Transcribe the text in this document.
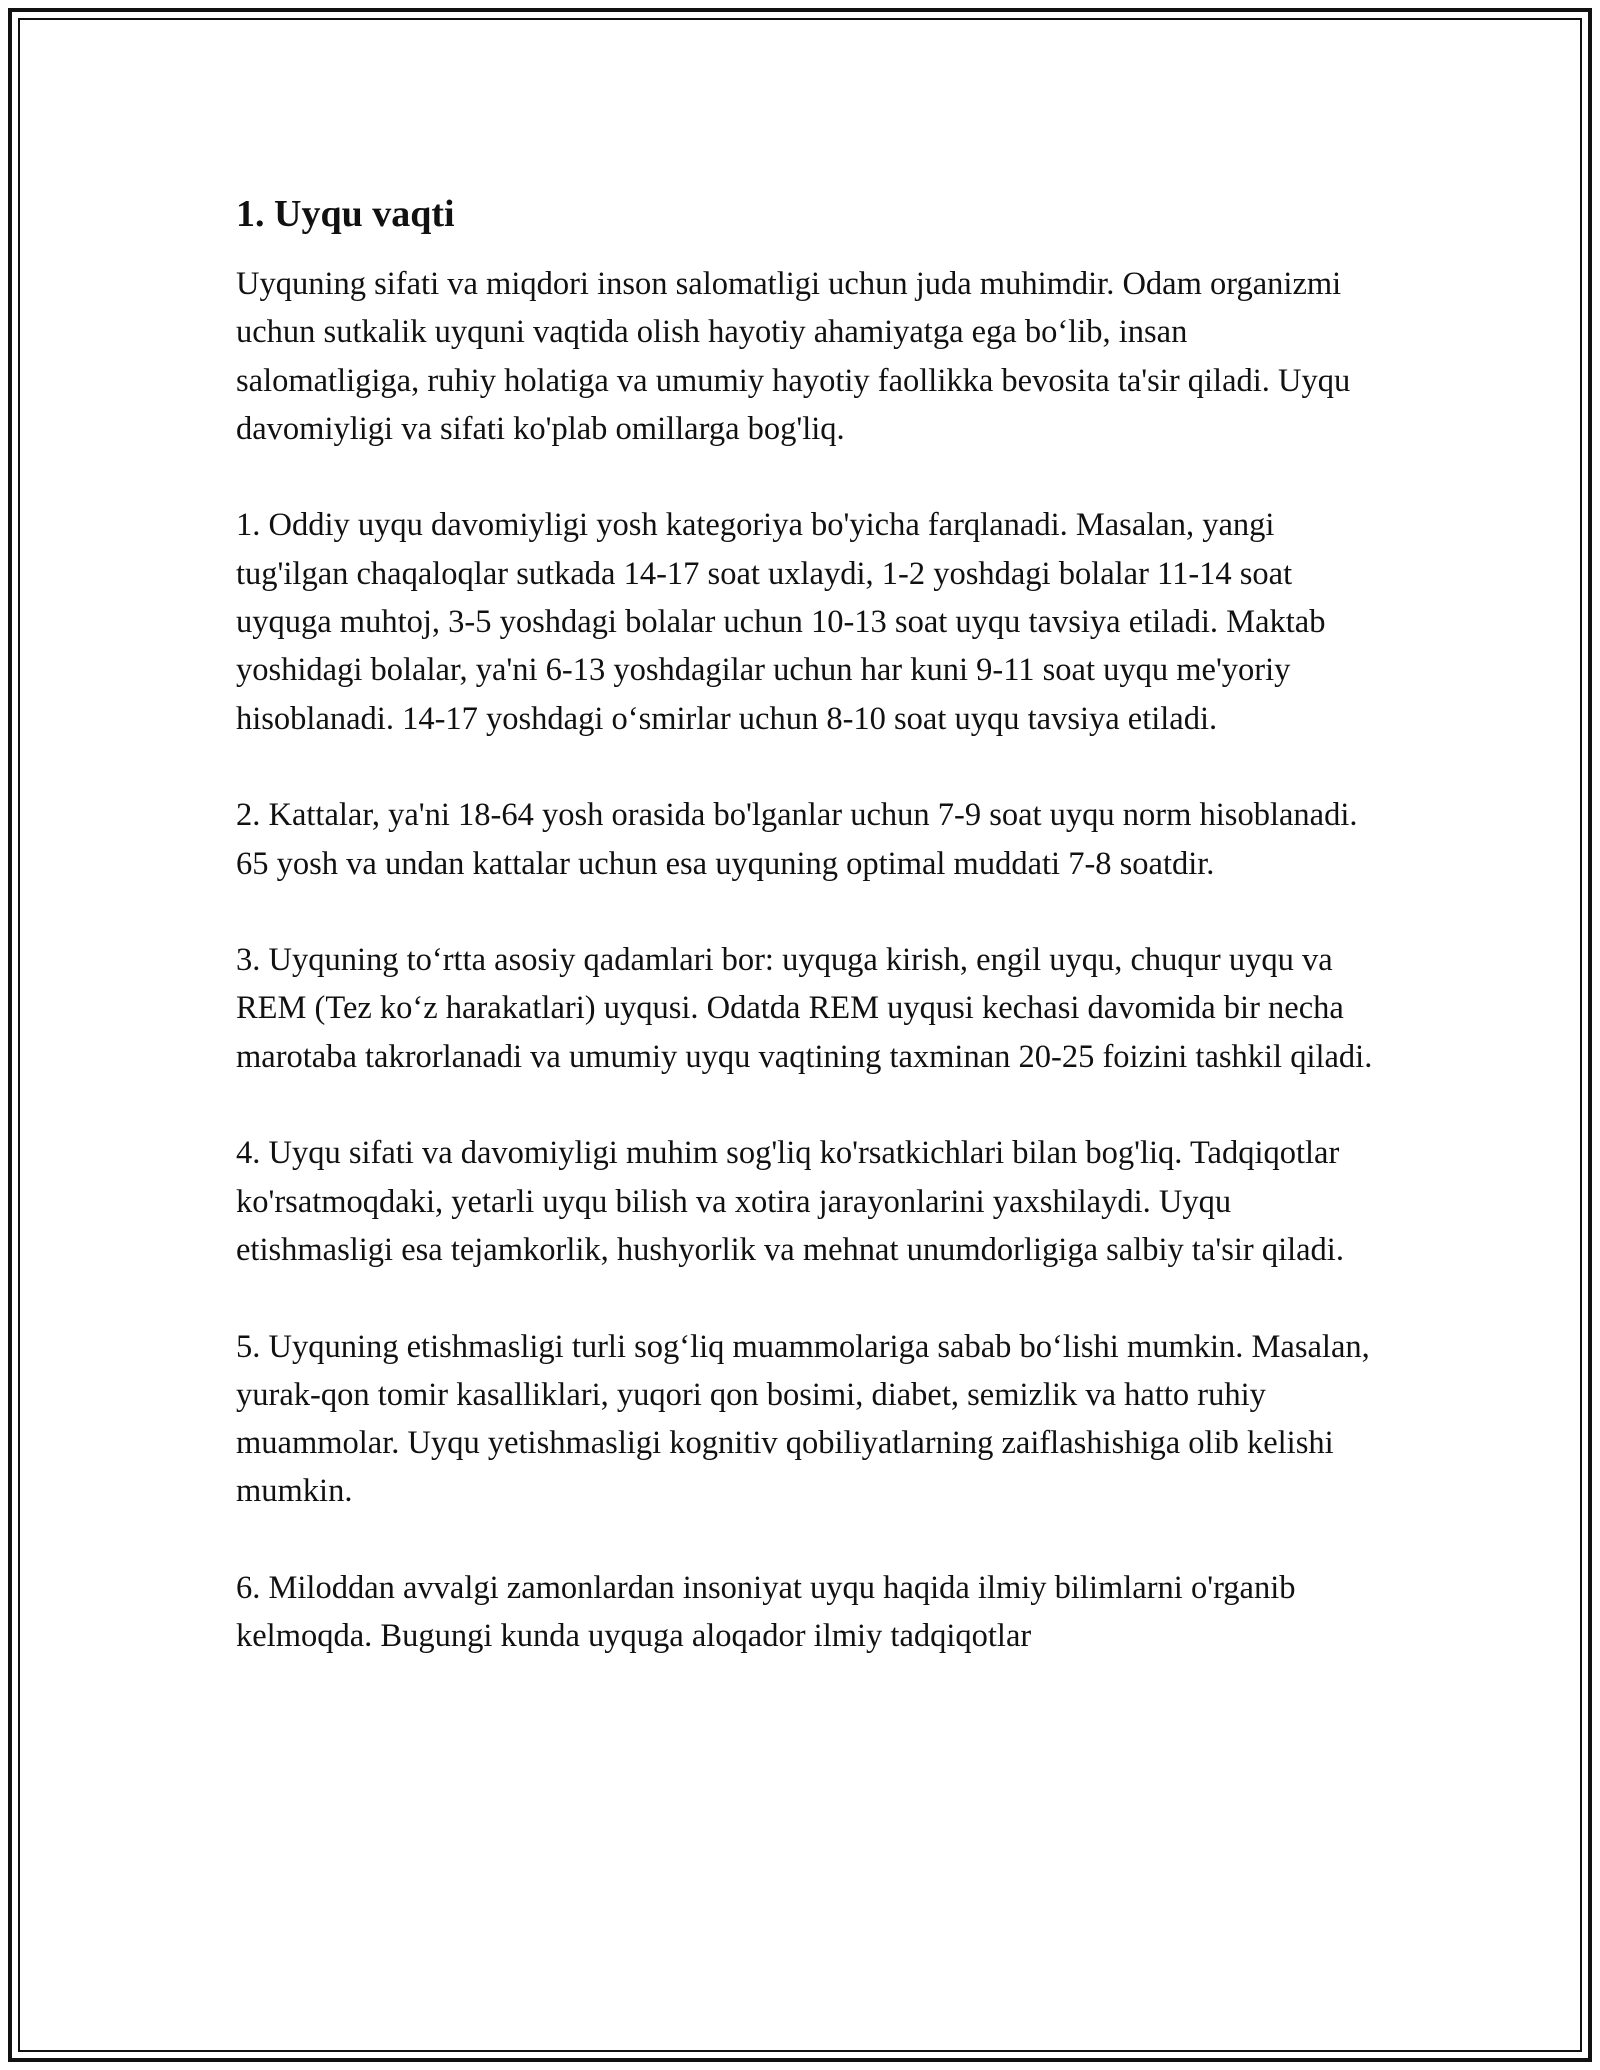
1. Uyqu vaqti

Uyquning sifati va miqdori inson salomatligi uchun juda muhimdir. Odam organizmi uchun sutkalik uyquni vaqtida olish hayotiy ahamiyatga ega bo‘lib, insan salomatligiga, ruhiy holatiga va umumiy hayotiy faollikka bevosita ta'sir qiladi. Uyqu davomiyligi va sifati ko'plab omillarga bog'liq.

1. Oddiy uyqu davomiyligi yosh kategoriya bo'yicha farqlanadi. Masalan, yangi tug'ilgan chaqaloqlar sutkada 14-17 soat uxlaydi, 1-2 yoshdagi bolalar 11-14 soat uyquga muhtoj, 3-5 yoshdagi bolalar uchun 10-13 soat uyqu tavsiya etiladi. Maktab yoshidagi bolalar, ya'ni 6-13 yoshdagilar uchun har kuni 9-11 soat uyqu me'yoriy hisoblanadi. 14-17 yoshdagi o‘smirlar uchun 8-10 soat uyqu tavsiya etiladi.

2. Kattalar, ya'ni 18-64 yosh orasida bo'lganlar uchun 7-9 soat uyqu norm hisoblanadi. 65 yosh va undan kattalar uchun esa uyquning optimal muddati 7-8 soatdir.

3. Uyquning to‘rtta asosiy qadamlari bor: uyquga kirish, engil uyqu, chuqur uyqu va REM (Tez ko‘z harakatlari) uyqusi. Odatda REM uyqusi kechasi davomida bir necha marotaba takrorlanadi va umumiy uyqu vaqtining taxminan 20-25 foizini tashkil qiladi.

4. Uyqu sifati va davomiyligi muhim sog'liq ko'rsatkichlari bilan bog'liq. Tadqiqotlar ko'rsatmoqdaki, yetarli uyqu bilish va xotira jarayonlarini yaxshilaydi. Uyqu etishmasligi esa tejamkorlik, hushyorlik va mehnat unumdorligiga salbiy ta'sir qiladi.

5. Uyquning etishmasligi turli sog‘liq muammolariga sabab bo‘lishi mumkin. Masalan, yurak-qon tomir kasalliklari, yuqori qon bosimi, diabet, semizlik va hatto ruhiy muammolar. Uyqu yetishmasligi kognitiv qobiliyatlarning zaiflashishiga olib kelishi mumkin.

6. Miloddan avvalgi zamonlardan insoniyat uyqu haqida ilmiy bilimlarni o'rganib kelmoqda. Bugungi kunda uyquga aloqador ilmiy tadqiqotlar
